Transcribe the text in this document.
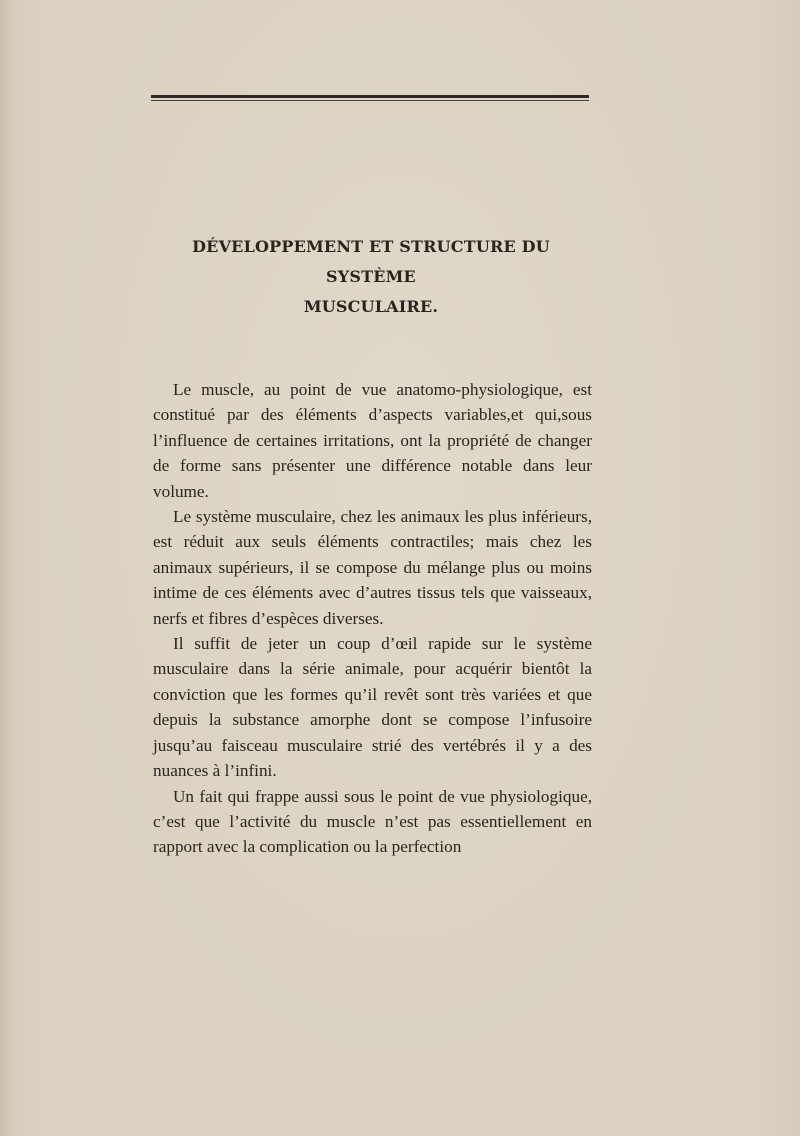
DÉVELOPPEMENT ET STRUCTURE DU SYSTÈME
MUSCULAIRE.

Le muscle, au point de vue anatomo-physiologique, est constitué par des éléments d’aspects variables,et qui,sous l’influence de certaines irritations, ont la propriété de changer de forme sans présenter une différence notable dans leur volume.

Le système musculaire, chez les animaux les plus inférieurs, est réduit aux seuls éléments contractiles; mais chez les animaux supérieurs, il se compose du mélange plus ou moins intime de ces éléments avec d’autres tissus tels que vaisseaux, nerfs et fibres d’espèces diverses.

Il suffit de jeter un coup d’œil rapide sur le système musculaire dans la série animale, pour acquérir bientôt la conviction que les formes qu’il revêt sont très variées et que depuis la substance amorphe dont se compose l’infusoire jusqu’au faisceau musculaire strié des vertébrés il y a des nuances à l’infini.

Un fait qui frappe aussi sous le point de vue physiologique, c’est que l’activité du muscle n’est pas essentiellement en rapport avec la complication ou la perfection
